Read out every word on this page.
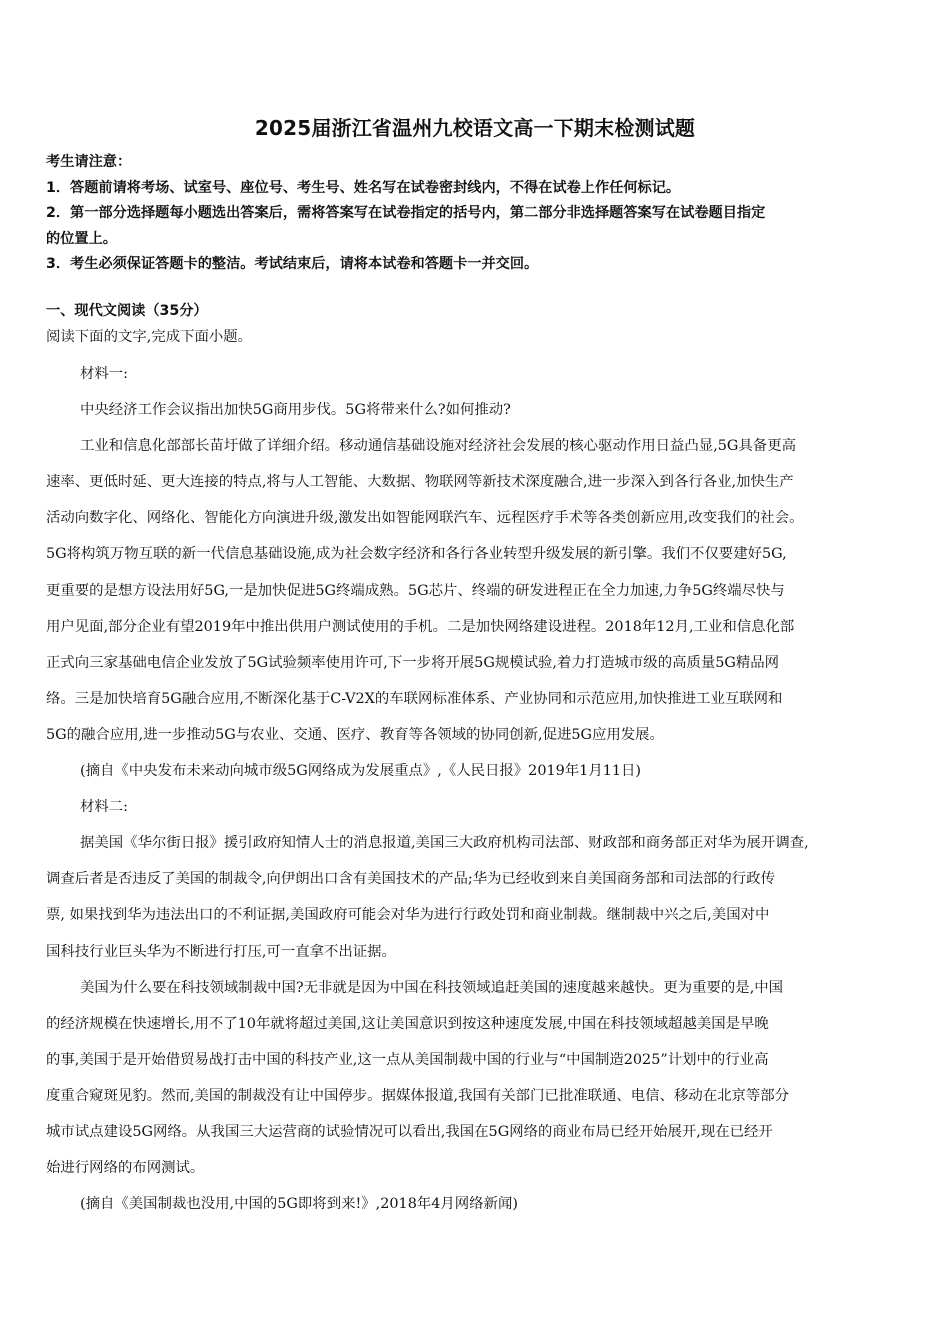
2025届浙江省温州九校语文高一下期末检测试题
考生请注意：
1．答题前请将考场、试室号、座位号、考生号、姓名写在试卷密封线内，不得在试卷上作任何标记。
2．第一部分选择题每小题选出答案后，需将答案写在试卷指定的括号内，第二部分非选择题答案写在试卷题目指定
的位置上。
3．考生必须保证答题卡的整洁。考试结束后，请将本试卷和答题卡一并交回。
一、现代文阅读（35分）
阅读下面的文字,完成下面小题。
材料一:
中央经济工作会议指出加快5G商用步伐。5G将带来什么?如何推动?
工业和信息化部部长苗圩做了详细介绍。移动通信基础设施对经济社会发展的核心驱动作用日益凸显,5G具备更高
速率、更低时延、更大连接的特点,将与人工智能、大数据、物联网等新技术深度融合,进一步深入到各行各业,加快生产
活动向数字化、网络化、智能化方向演进升级,激发出如智能网联汽车、远程医疗手术等各类创新应用,改变我们的社会。
5G将构筑万物互联的新一代信息基础设施,成为社会数字经济和各行各业转型升级发展的新引擎。我们不仅要建好5G,
更重要的是想方设法用好5G,一是加快促进5G终端成熟。5G芯片、终端的研发进程正在全力加速,力争5G终端尽快与
用户见面,部分企业有望2019年中推出供用户测试使用的手机。二是加快网络建设进程。2018年12月,工业和信息化部
正式向三家基础电信企业发放了5G试验频率使用许可,下一步将开展5G规模试验,着力打造城市级的高质量5G精品网
络。三是加快培育5G融合应用,不断深化基于C-V2X的车联网标准体系、产业协同和示范应用,加快推进工业互联网和
5G的融合应用,进一步推动5G与农业、交通、医疗、教育等各领域的协同创新,促进5G应用发展。
(摘自《中央发布未来动向城市级5G网络成为发展重点》,《人民日报》2019年1月11日)
材料二:
据美国《华尔街日报》援引政府知情人士的消息报道,美国三大政府机构司法部、财政部和商务部正对华为展开调查,
调查后者是否违反了美国的制裁令,向伊朗出口含有美国技术的产品;华为已经收到来自美国商务部和司法部的行政传
票, 如果找到华为违法出口的不利证据,美国政府可能会对华为进行行政处罚和商业制裁。继制裁中兴之后,美国对中
国科技行业巨头华为不断进行打压,可一直拿不出证据。
美国为什么要在科技领域制裁中国?无非就是因为中国在科技领域追赶美国的速度越来越快。更为重要的是,中国
的经济规模在快速增长,用不了10年就将超过美国,这让美国意识到按这种速度发展,中国在科技领域超越美国是早晚
的事,美国于是开始借贸易战打击中国的科技产业,这一点从美国制裁中国的行业与“中国制造2025”计划中的行业高
度重合窥斑见豹。然而,美国的制裁没有让中国停步。据媒体报道,我国有关部门已批准联通、电信、移动在北京等部分
城市试点建设5G网络。从我国三大运营商的试验情况可以看出,我国在5G网络的商业布局已经开始展开,现在已经开
始进行网络的布网测试。
(摘自《美国制裁也没用,中国的5G即将到来!》,2018年4月网络新闻)
